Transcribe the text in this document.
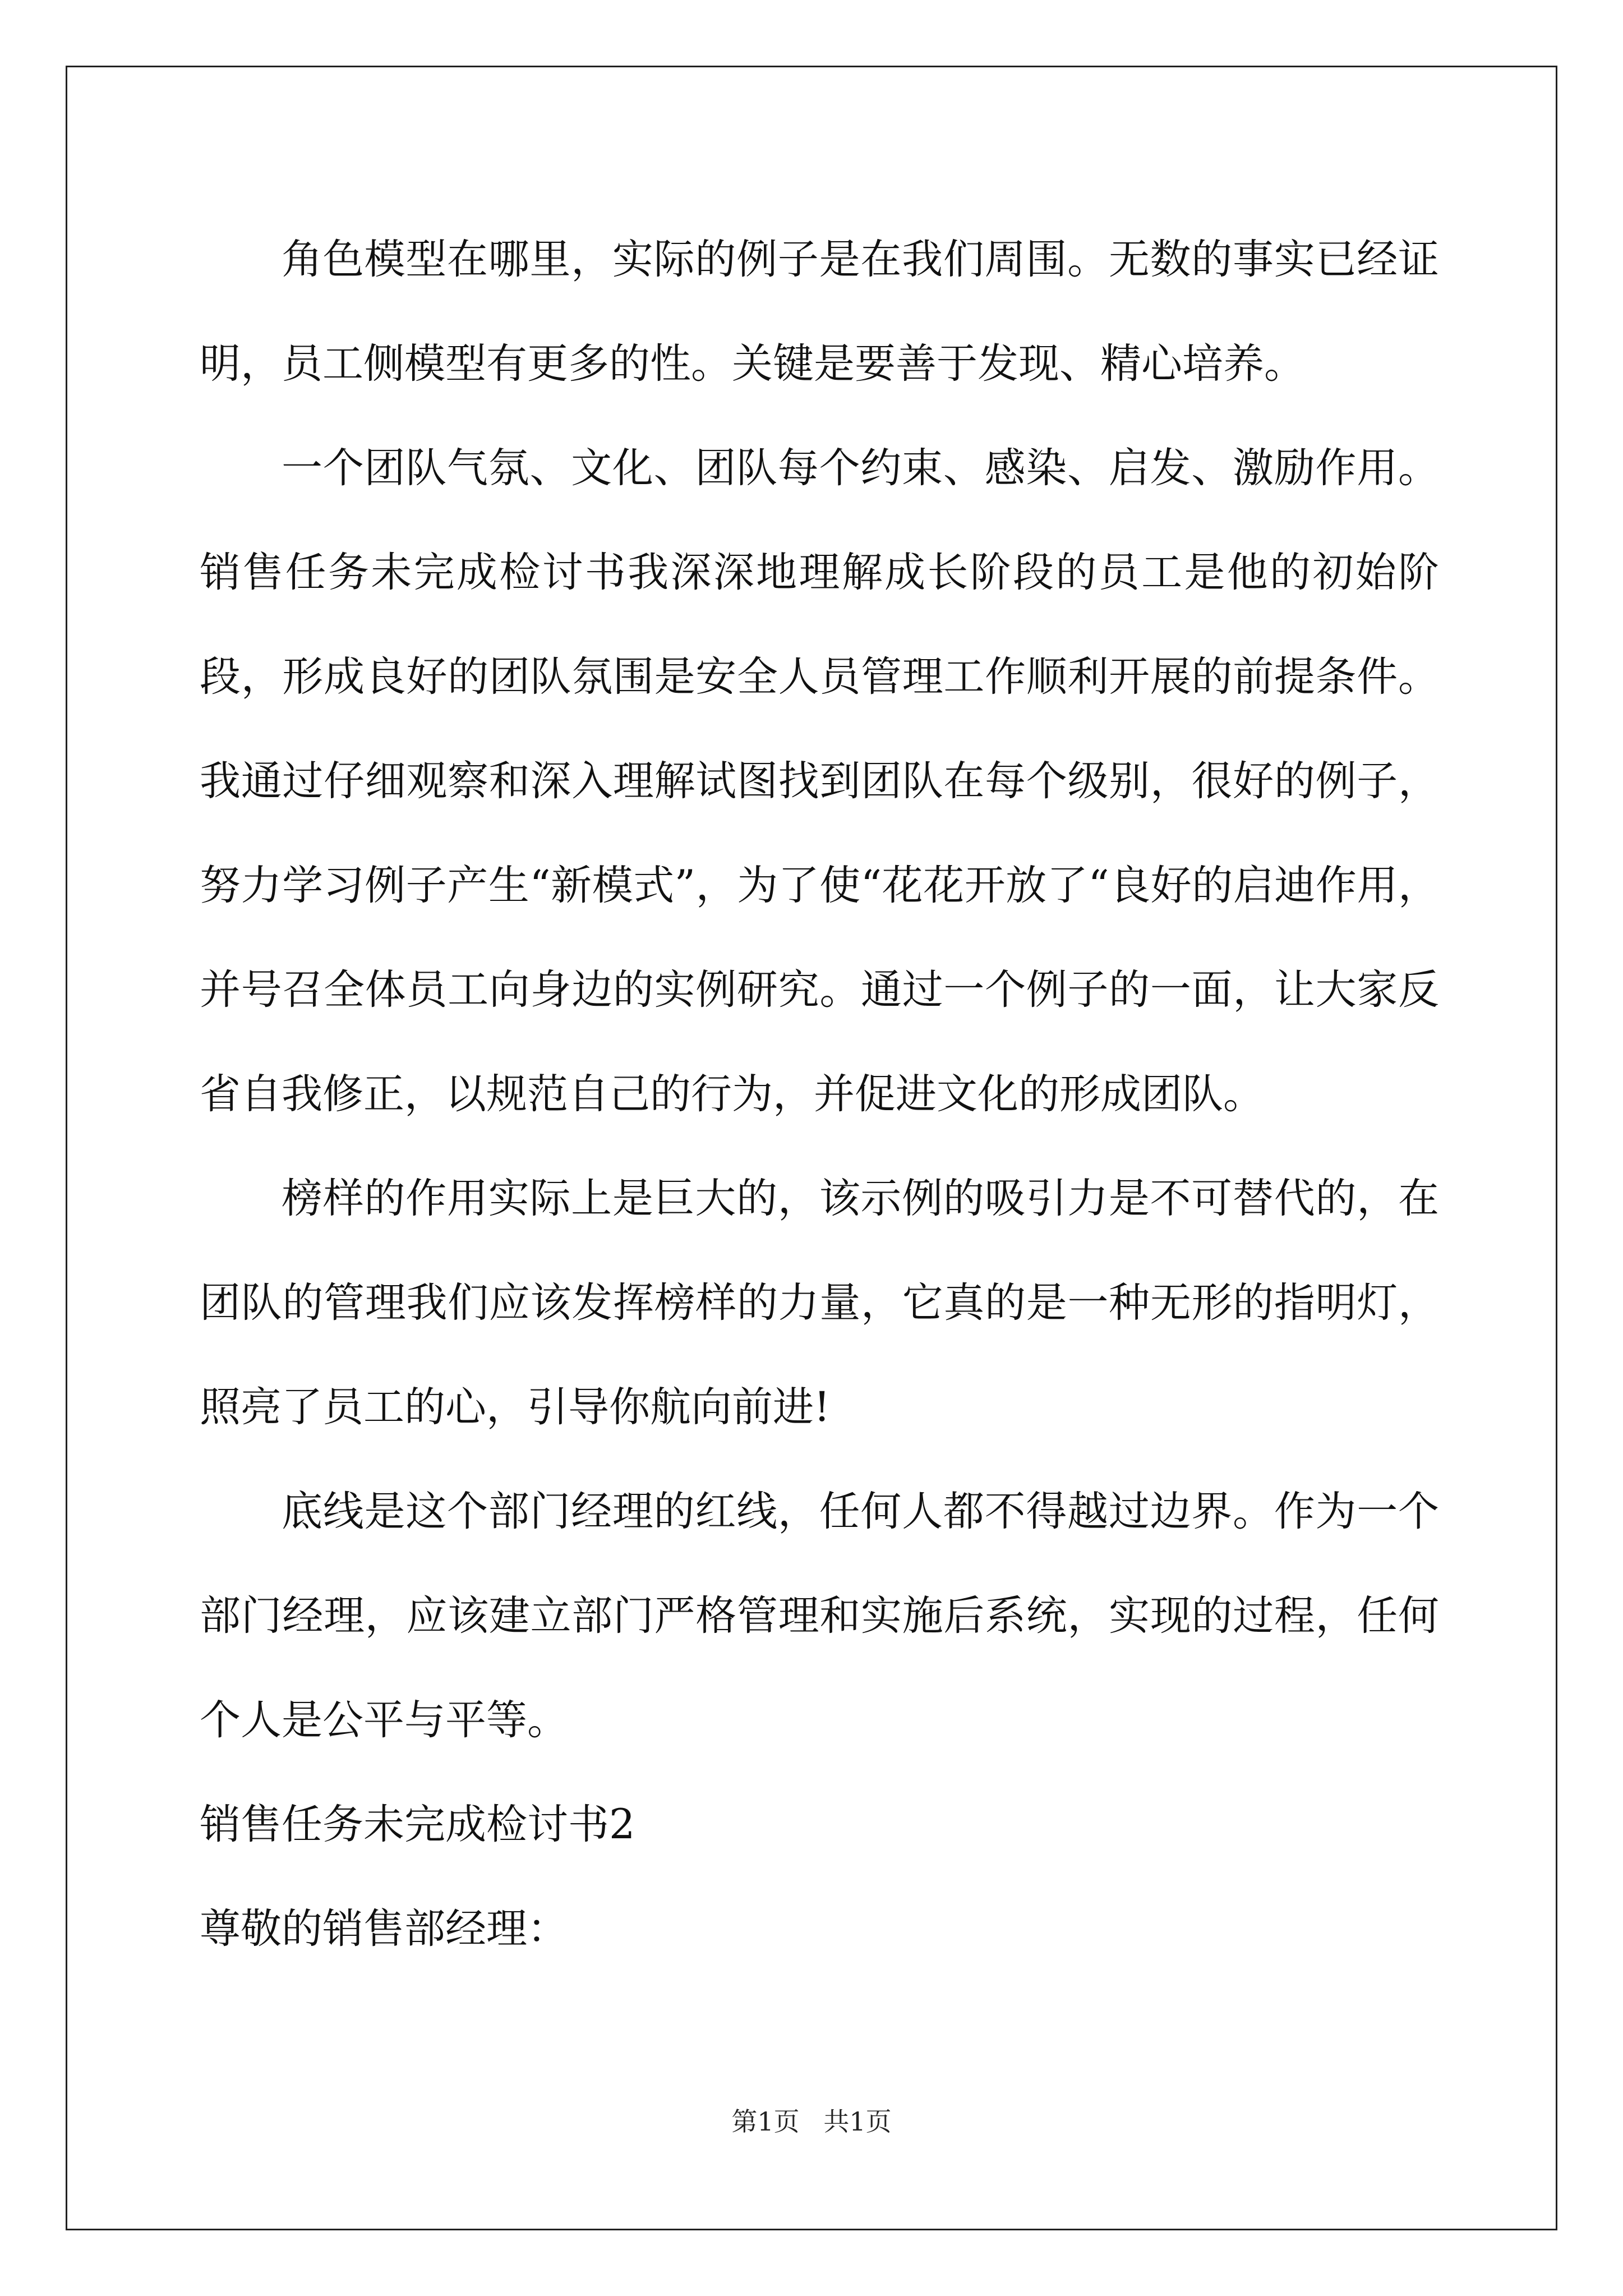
角色模型在哪里，实际的例子是在我们周围。无数的事实已经证明，员工侧模型有更多的性。关键是要善于发现、精心培养。

一个团队气氛、文化、团队每个约束、感染、启发、激励作用。销售任务未完成检讨书我深深地理解成长阶段的员工是他的初始阶段，形成良好的团队氛围是安全人员管理工作顺利开展的前提条件。我通过仔细观察和深入理解试图找到团队在每个级别，很好的例子，努力学习例子产生“新模式”，为了使“花花开放了“良好的启迪作用，并号召全体员工向身边的实例研究。通过一个例子的一面，让大家反省自我修正，以规范自己的行为，并促进文化的形成团队。

榜样的作用实际上是巨大的，该示例的吸引力是不可替代的，在团队的管理我们应该发挥榜样的力量，它真的是一种无形的指明灯，照亮了员工的心，引导你航向前进!

底线是这个部门经理的红线，任何人都不得越过边界。作为一个部门经理，应该建立部门严格管理和实施后系统，实现的过程，任何个人是公平与平等。

销售任务未完成检讨书2

尊敬的销售部经理：

第1页 共1页
